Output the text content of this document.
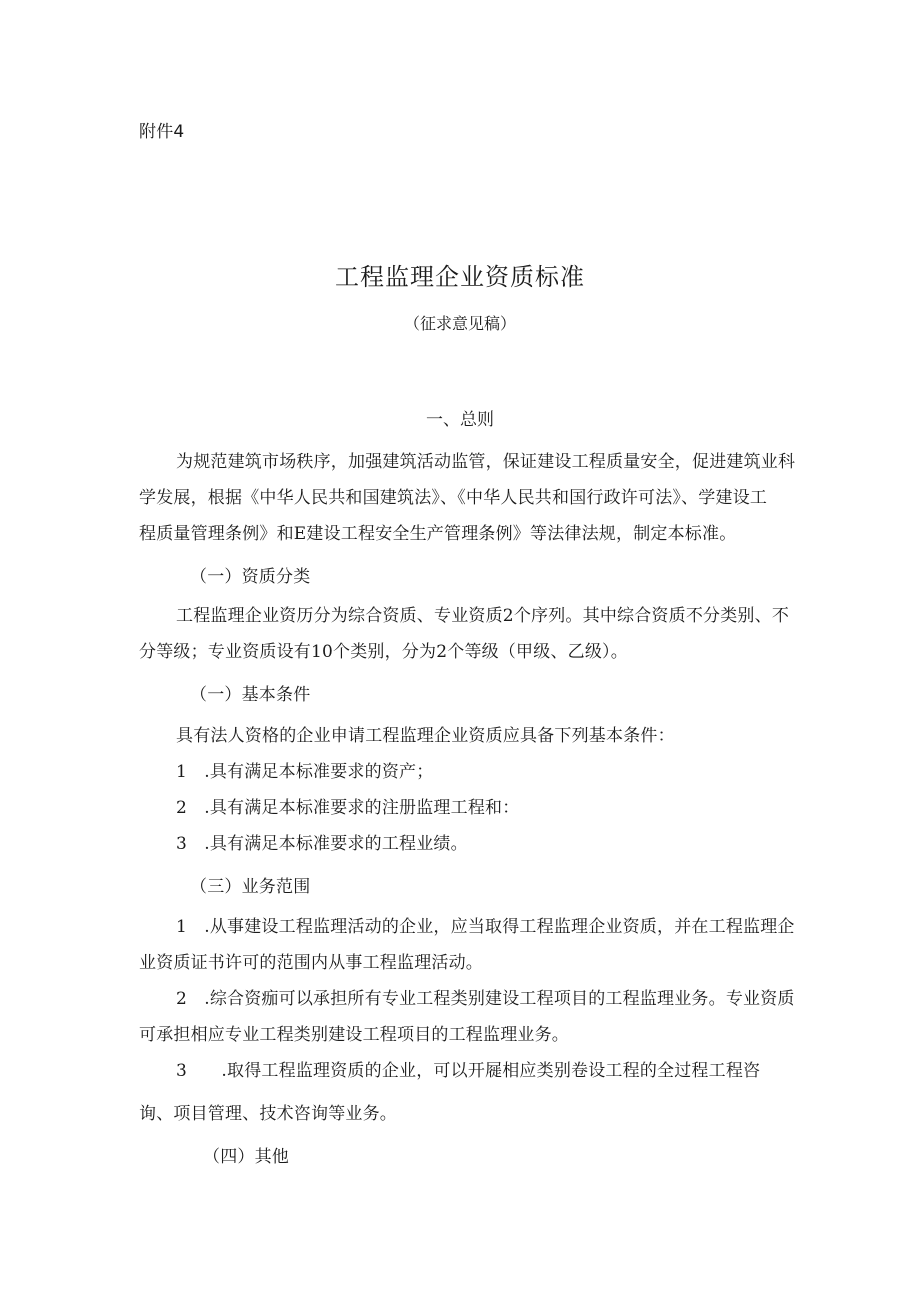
附件4
工程监理企业资质标准
（征求意见稿）
一、总则
为规范建筑市场秩序，加强建筑活动监管，保证建设工程质量安全，促进建筑业科
学发展，根据《中华人民共和国建筑法》、《中华人民共和国行政许可法》、学建设工
程质量管理条例》和E建设工程安全生产管理条例》等法律法规，制定本标准。
（一）资质分类
工程监理企业资历分为综合资质、专业资质2个序列。其中综合资质不分类别、不
分等级；专业资质设有10个类别，分为2个等级（甲级、乙级）。
（一）基本条件
具有法人资格的企业申请工程监理企业资质应具备下列基本条件：
1　.具有满足本标准要求的资产；
2　.具有满足本标准要求的注册监理工程和：
3　.具有满足本标准要求的工程业绩。
（三）业务范围
1　.从事建设工程监理活动的企业，应当取得工程监理企业资质，并在工程监理企
业资质证书许可的范围内从事工程监理活动。
2　.综合资痂可以承担所有专业工程类别建设工程项目的工程监理业务。专业资质
可承担相应专业工程类别建设工程项目的工程监理业务。
3　　.取得工程监理资质的企业，可以开屣相应类别卷设工程的全过程工程咨
询、项目管理、技术咨询等业务。
（四）其他
